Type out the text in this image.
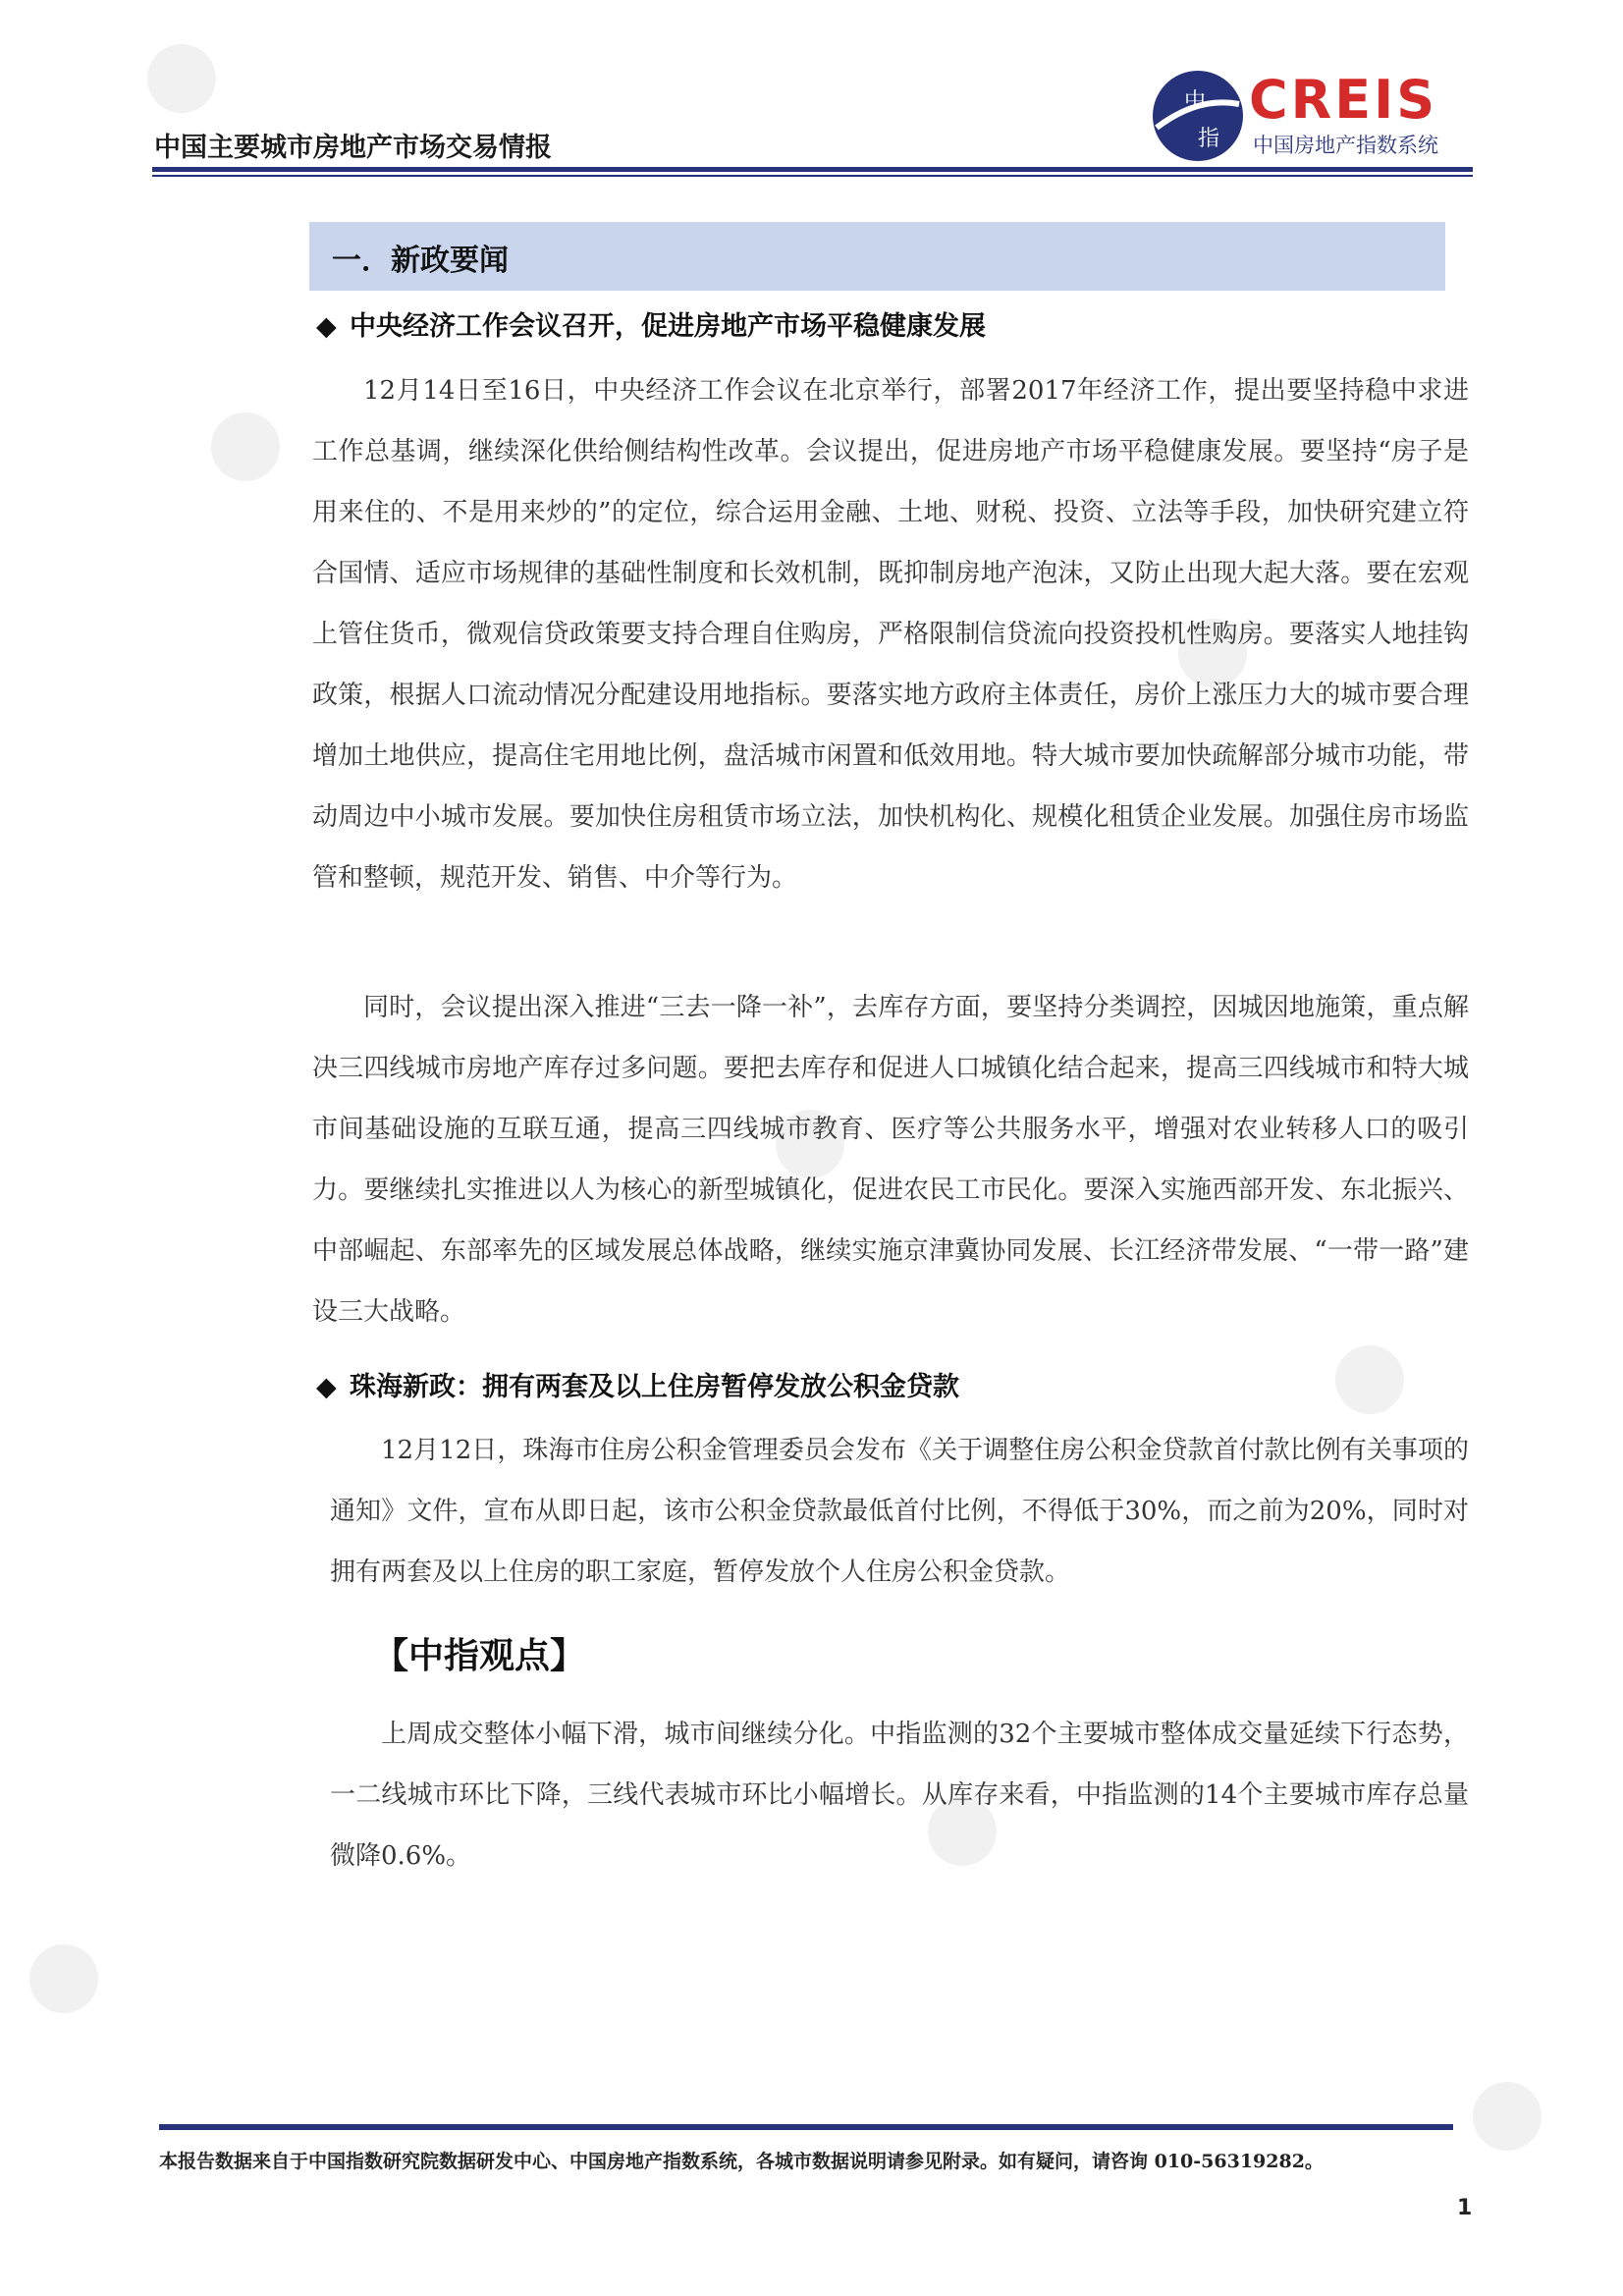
中国主要城市房地产市场交易情报
中
指
CREIS
中国房地产指数系统
一．新政要闻
◆ 中央经济工作会议召开，促进房地产市场平稳健康发展
12月14日至16日，中央经济工作会议在北京举行，部署2017年经济工作，提出要坚持稳中求进工作总基调，继续深化供给侧结构性改革。会议提出，促进房地产市场平稳健康发展。要坚持“房子是用来住的、不是用来炒的”的定位，综合运用金融、土地、财税、投资、立法等手段，加快研究建立符合国情、适应市场规律的基础性制度和长效机制，既抑制房地产泡沫，又防止出现大起大落。要在宏观上管住货币，微观信贷政策要支持合理自住购房，严格限制信贷流向投资投机性购房。要落实人地挂钩政策，根据人口流动情况分配建设用地指标。要落实地方政府主体责任，房价上涨压力大的城市要合理增加土地供应，提高住宅用地比例，盘活城市闲置和低效用地。特大城市要加快疏解部分城市功能，带动周边中小城市发展。要加快住房租赁市场立法，加快机构化、规模化租赁企业发展。加强住房市场监管和整顿，规范开发、销售、中介等行为。
同时，会议提出深入推进“三去一降一补”，去库存方面，要坚持分类调控，因城因地施策，重点解决三四线城市房地产库存过多问题。要把去库存和促进人口城镇化结合起来，提高三四线城市和特大城市间基础设施的互联互通，提高三四线城市教育、医疗等公共服务水平，增强对农业转移人口的吸引力。要继续扎实推进以人为核心的新型城镇化，促进农民工市民化。要深入实施西部开发、东北振兴、中部崛起、东部率先的区域发展总体战略，继续实施京津冀协同发展、长江经济带发展、“一带一路”建设三大战略。
◆ 珠海新政：拥有两套及以上住房暂停发放公积金贷款
12月12日，珠海市住房公积金管理委员会发布《关于调整住房公积金贷款首付款比例有关事项的通知》文件，宣布从即日起，该市公积金贷款最低首付比例，不得低于30%，而之前为20%，同时对拥有两套及以上住房的职工家庭，暂停发放个人住房公积金贷款。
【中指观点】
上周成交整体小幅下滑，城市间继续分化。中指监测的32个主要城市整体成交量延续下行态势，一二线城市环比下降，三线代表城市环比小幅增长。从库存来看，中指监测的14个主要城市库存总量微降0.6%。
本报告数据来自于中国指数研究院数据研发中心、中国房地产指数系统，各城市数据说明请参见附录。如有疑问，请咨询 010-56319282。
1
